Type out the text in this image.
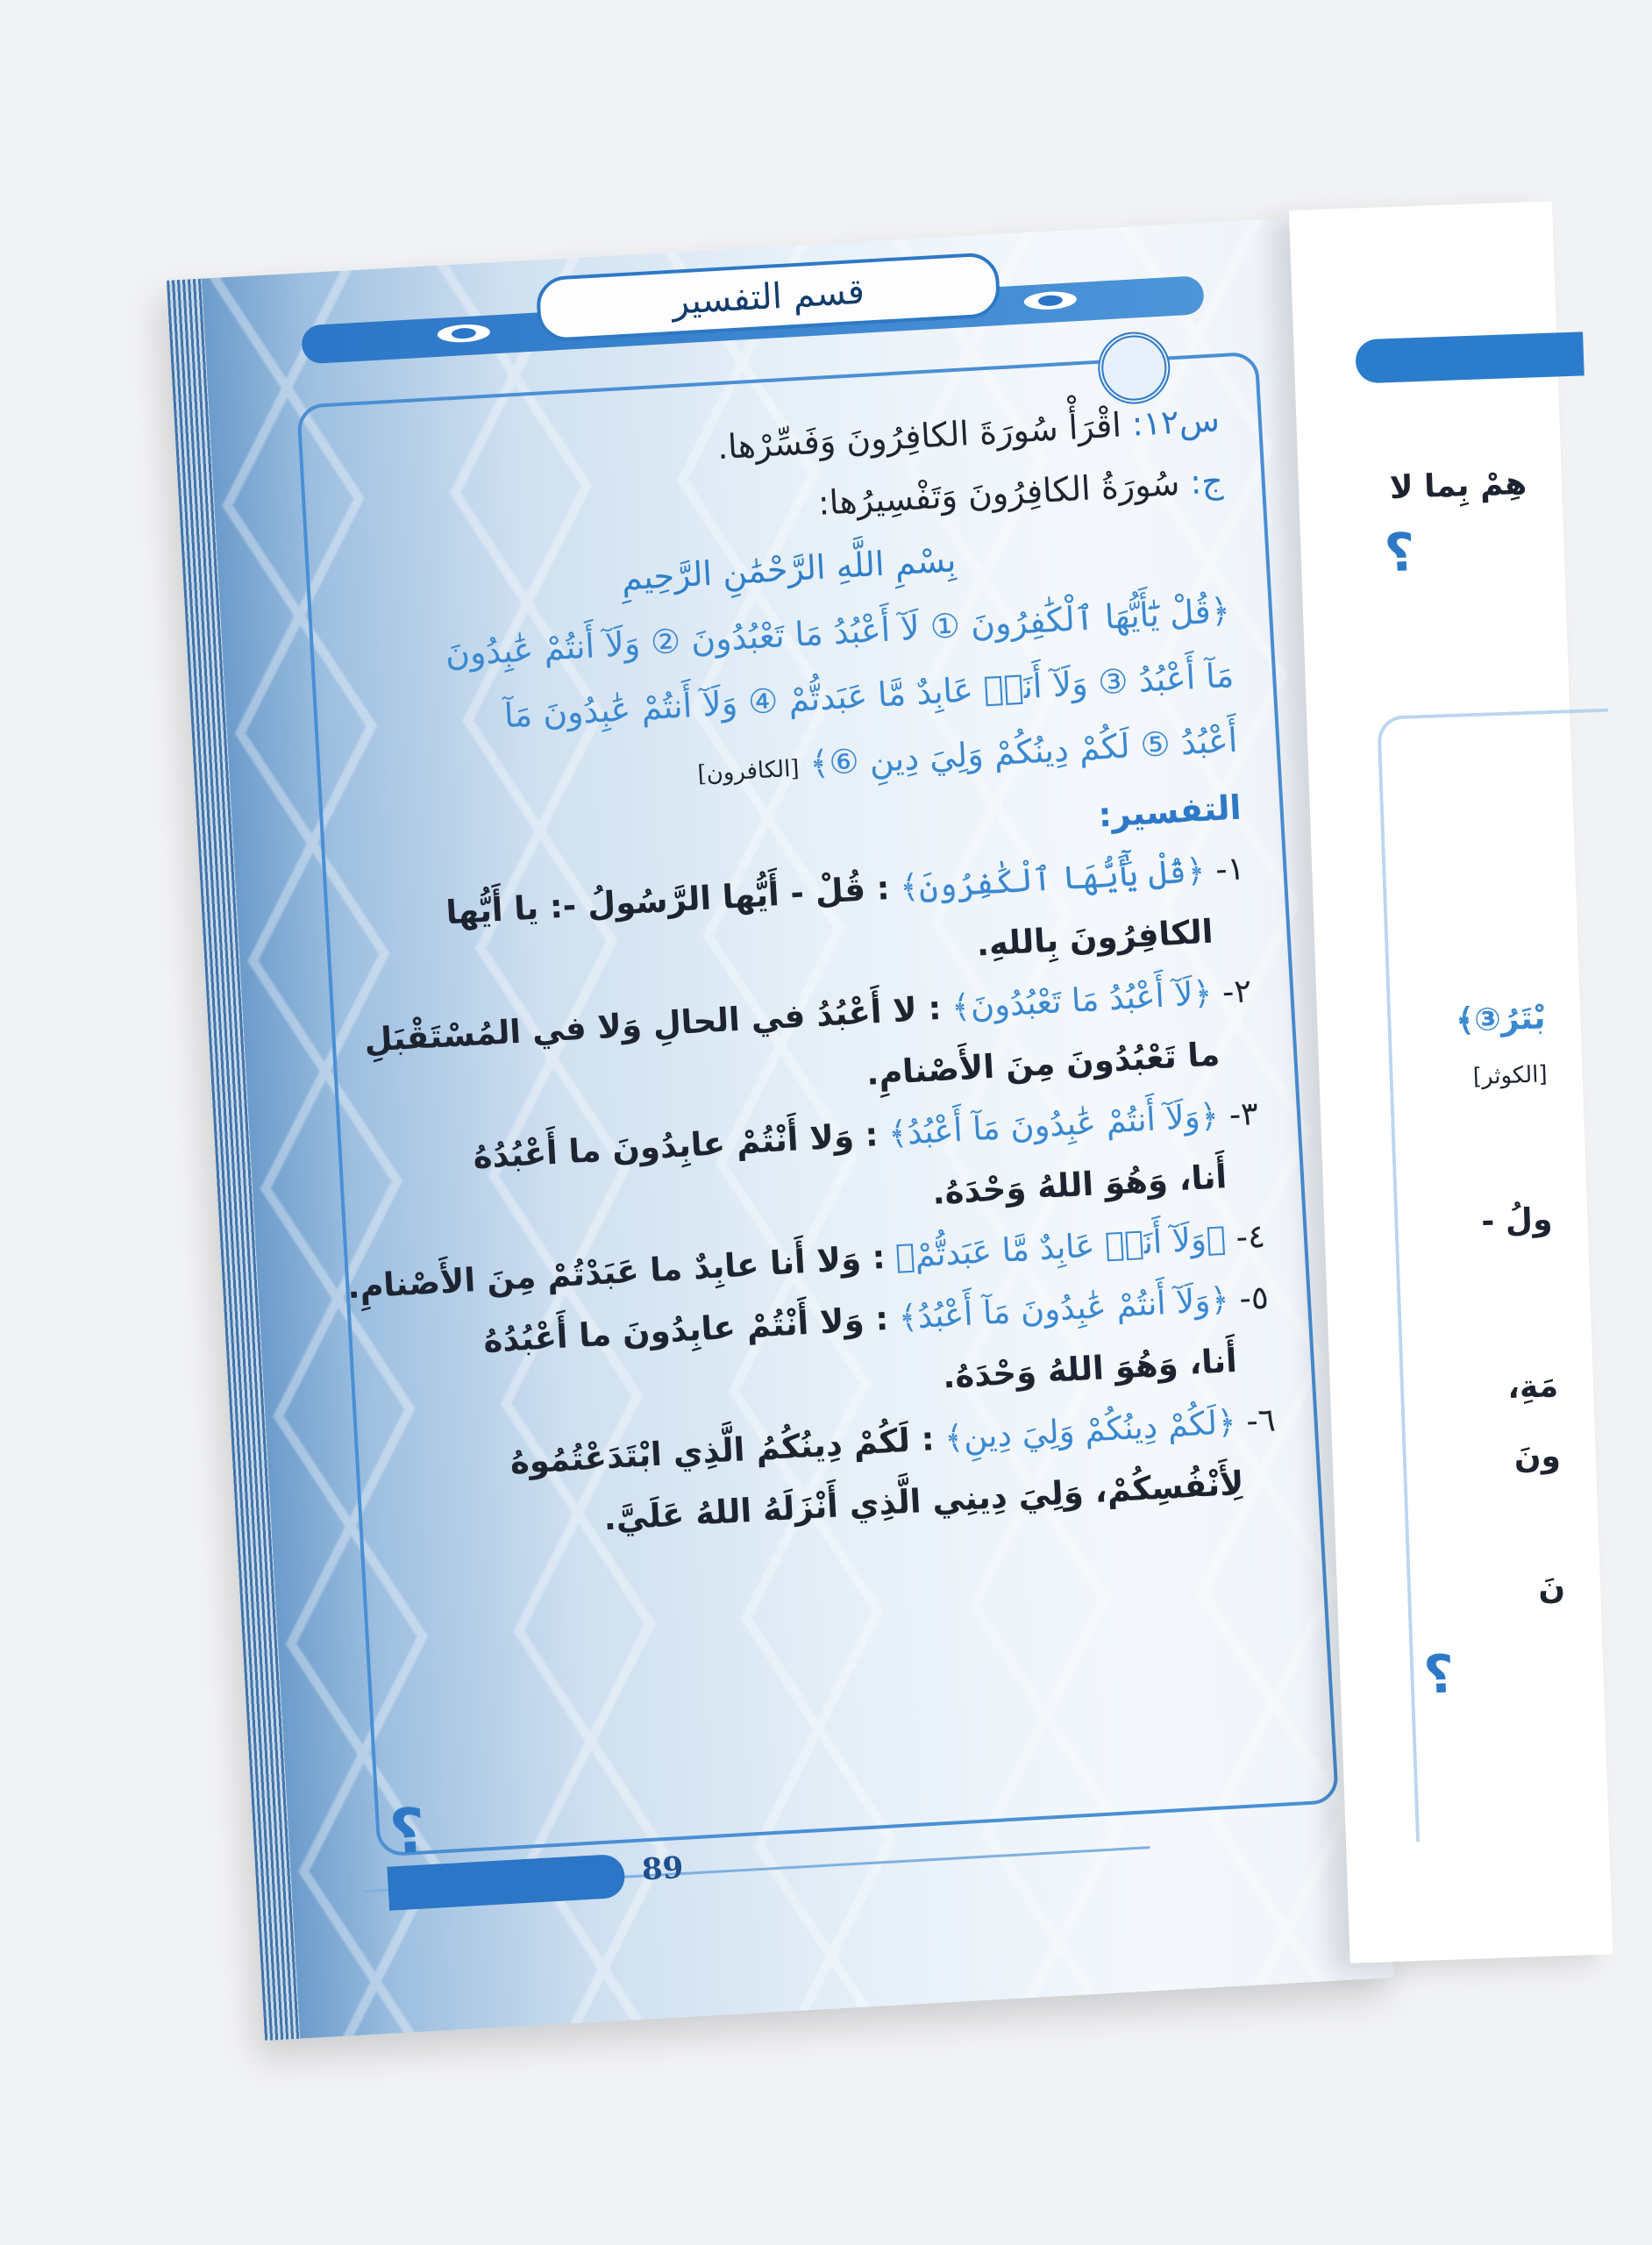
قسم التفسير
س١٢: اقْرَأْ سُورَةَ الكافِرُونَ وَفَسِّرْها.
ج: سُورَةُ الكافِرُونَ وَتَفْسِيرُها:
بِسْمِ اللَّهِ الرَّحْمَٰنِ الرَّحِيمِ
﴿قُلْ يَٰٓأَيُّهَا ٱلْكَٰفِرُونَ ① لَآ أَعْبُدُ مَا تَعْبُدُونَ ② وَلَآ أَنتُمْ عَٰبِدُونَ
مَآ أَعْبُدُ ③ وَلَآ أَنَا۠ عَابِدٌ مَّا عَبَدتُّمْ ④ وَلَآ أَنتُمْ عَٰبِدُونَ مَآ
أَعْبُدُ ⑤ لَكُمْ دِينُكُمْ وَلِيَ دِينِ ⑥﴾ [الكافرون]
التفسير:
١- ﴿قُلْ يَٰٓأَيُّهَا ٱلْكَٰفِرُونَ﴾ : قُلْ - أَيُّها الرَّسُولُ -: يا أَيُّها
الكافِرُونَ بِاللهِ.
٢- ﴿لَآ أَعْبُدُ مَا تَعْبُدُونَ﴾ : لا أَعْبُدُ في الحالِ وَلا في المُسْتَقْبَلِ
ما تَعْبُدُونَ مِنَ الأَصْنامِ.
٣- ﴿وَلَآ أَنتُمْ عَٰبِدُونَ مَآ أَعْبُدُ﴾ : وَلا أَنْتُمْ عابِدُونَ ما أَعْبُدُهُ
أَنا، وَهُوَ اللهُ وَحْدَهُ.
٤- ﴿وَلَآ أَنَا۠ عَابِدٌ مَّا عَبَدتُّمْ﴾ : وَلا أَنا عابِدٌ ما عَبَدْتُمْ مِنَ الأَصْنامِ.	٥- ﴿وَلَآ أَنتُمْ عَٰبِدُونَ مَآ أَعْبُدُ﴾ : وَلا أَنْتُمْ عابِدُونَ ما أَعْبُدُهُ
أَنا، وَهُوَ اللهُ وَحْدَهُ.
٦- ﴿لَكُمْ دِينُكُمْ وَلِيَ دِينِ﴾ : لَكُمْ دِينُكُمُ الَّذِي ابْتَدَعْتُمُوهُ
لِأَنْفُسِكُمْ، وَلِيَ دِينِي الَّذِي أَنْزَلَهُ اللهُ عَلَيَّ.
؟
89
هِمْ بِما لا
؟
بْتَرُ③﴾
[الكوثر]
ولُ -
مَةِ،
ونَ
نَ
؟
